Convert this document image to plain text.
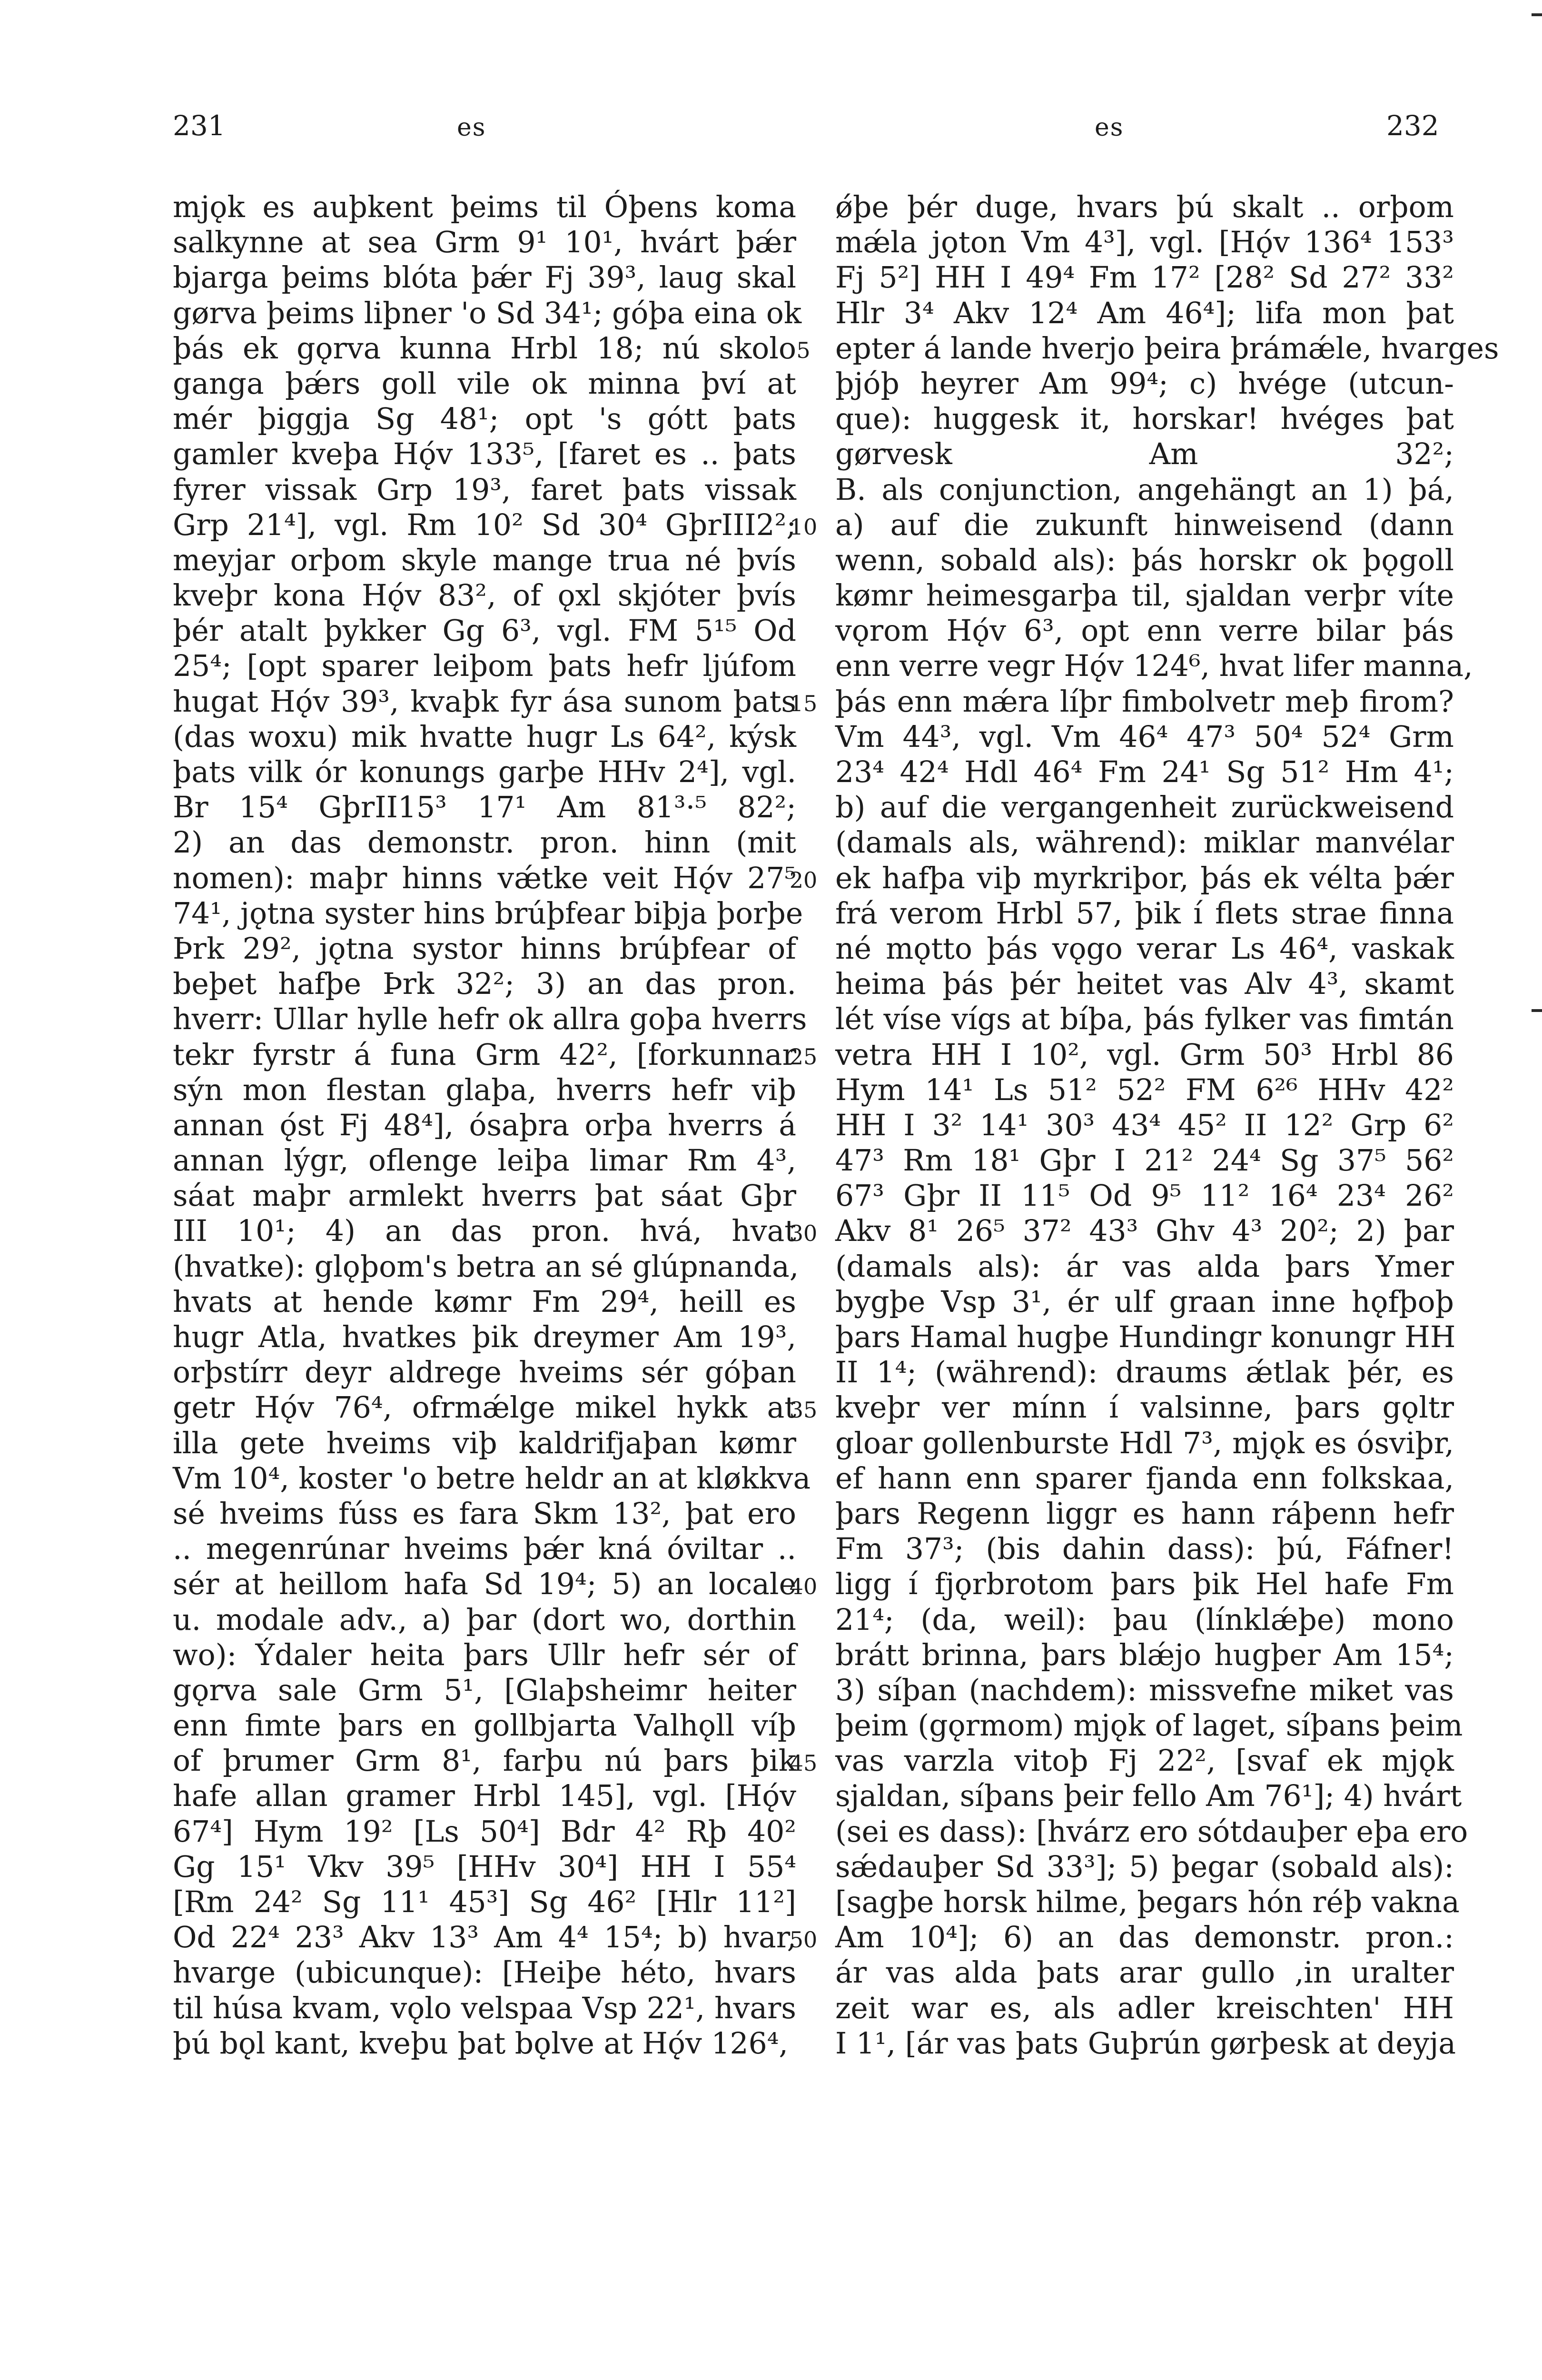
231	es	es	232
mjǫk es auþkent þeims til Óþens koma
salkynne at sea Grm 9¹ 10¹, hvárt þǽr
bjarga þeims blóta þǽr Fj 39³, laug skal
gørva þeims liþner 'o Sd 34¹; góþa eina ok
þás ek gǫrva kunna Hrbl 18; nú skolo
ganga þǽrs goll vile ok minna því at
mér þiggja Sg 48¹; opt 's gótt þats
gamler kveþa Hǫ́v 133⁵, [faret es .. þats
fyrer vissak Grp 19³, faret þats vissak
Grp 21⁴], vgl. Rm 10² Sd 30⁴ GþrIII2²;
meyjar orþom skyle mange trua né þvís
kveþr kona Hǫ́v 83², of ǫxl skjóter þvís
þér atalt þykker Gg 6³, vgl. FM 5¹⁵ Od
25⁴; [opt sparer leiþom þats hefr ljúfom
hugat Hǫ́v 39³, kvaþk fyr ása sunom þats
(das woxu) mik hvatte hugr Ls 64², kýsk
þats vilk ór konungs garþe HHv 2⁴], vgl.
Br 15⁴ GþrII15³ 17¹ Am 81³·⁵ 82²;
2) an das demonstr. pron. hinn (mit
nomen): maþr hinns vǽtke veit Hǫ́v 27⁵
74¹, jǫtna syster hins brúþfear biþja þorþe
Þrk 29², jǫtna systor hinns brúþfear of
beþet hafþe Þrk 32²; 3) an das pron.
hverr: Ullar hylle hefr ok allra goþa hverrs
tekr fyrstr á funa Grm 42², [forkunnar
sýn mon flestan glaþa, hverrs hefr viþ
annan ǫ́st Fj 48⁴], ósaþra orþa hverrs á
annan lýgr, oflenge leiþa limar Rm 4³,
sáat maþr armlekt hverrs þat sáat Gþr
III 10¹; 4) an das pron. hvá, hvat
(hvatke): glǫþom's betra an sé glúpnanda,
hvats at hende kømr Fm 29⁴, heill es
hugr Atla, hvatkes þik dreymer Am 19³,
orþstírr deyr aldrege hveims sér góþan
getr Hǫ́v 76⁴, ofrmǽlge mikel hykk at
illa gete hveims viþ kaldrifjaþan kømr
Vm 10⁴, koster 'o betre heldr an at kløkkva
sé hveims fúss es fara Skm 13², þat ero
.. megenrúnar hveims þǽr kná óviltar ..
sér at heillom hafa Sd 19⁴; 5) an locale
u. modale adv., a) þar (dort wo, dorthin
wo): Ýdaler heita þars Ullr hefr sér of
gǫrva sale Grm 5¹, [Glaþsheimr heiter
enn fimte þars en gollbjarta Valhǫll víþ
of þrumer Grm 8¹, farþu nú þars þik
hafe allan gramer Hrbl 145], vgl. [Hǫ́v
67⁴] Hym 19² [Ls 50⁴] Bdr 4² Rþ 40²
Gg 15¹ Vkv 39⁵ [HHv 30⁴] HH I 55⁴
[Rm 24² Sg 11¹ 45³] Sg 46² [Hlr 11²]
Od 22⁴ 23³ Akv 13³ Am 4⁴ 15⁴; b) hvar,
hvarge (ubicunque): [Heiþe héto, hvars
til húsa kvam, vǫlo velspaa Vsp 22¹, hvars
þú bǫl kant, kveþu þat bǫlve at Hǫ́v 126⁴,
5
10
15
20
25
30
35
40
45
50
ǿþe þér duge, hvars þú skalt .. orþom
mǽla jǫton Vm 4³], vgl. [Hǫ́v 136⁴ 153³
Fj 5²] HH I 49⁴ Fm 17² [28² Sd 27² 33²
Hlr 3⁴ Akv 12⁴ Am 46⁴]; lifa mon þat
epter á lande hverjo þeira þrámǽle, hvarges
þjóþ heyrer Am 99⁴; c) hvége (utcun-
que): huggesk it, horskar! hvéges þat
gørvesk Am 32²;
B. als conjunction, angehängt an 1) þá,
a) auf die zukunft hinweisend (dann
wenn, sobald als): þás horskr ok þǫgoll
kømr heimesgarþa til, sjaldan verþr víte
vǫrom Hǫ́v 6³, opt enn verre bilar þás
enn verre vegr Hǫ́v 124⁶, hvat lifer manna,
þás enn mǽra líþr fimbolvetr meþ firom?
Vm 44³, vgl. Vm 46⁴ 47³ 50⁴ 52⁴ Grm
23⁴ 42⁴ Hdl 46⁴ Fm 24¹ Sg 51² Hm 4¹;
b) auf die vergangenheit zurückweisend
(damals als, während): miklar manvélar
ek hafþa viþ myrkriþor, þás ek vélta þǽr
frá verom Hrbl 57, þik í flets strae finna
né mǫtto þás vǫgo verar Ls 46⁴, vaskak
heima þás þér heitet vas Alv 4³, skamt
lét víse vígs at bíþa, þás fylker vas fimtán
vetra HH I 10², vgl. Grm 50³ Hrbl 86
Hym 14¹ Ls 51² 52² FM 6²⁶ HHv 42²
HH I 3² 14¹ 30³ 43⁴ 45² II 12² Grp 6²
47³ Rm 18¹ Gþr I 21² 24⁴ Sg 37⁵ 56²
67³ Gþr II 11⁵ Od 9⁵ 11² 16⁴ 23⁴ 26²
Akv 8¹ 26⁵ 37² 43³ Ghv 4³ 20²; 2) þar
(damals als): ár vas alda þars Ymer
bygþe Vsp 3¹, ér ulf graan inne hǫfþoþ
þars Hamal hugþe Hundingr konungr HH
II 1⁴; (während): draums ǽtlak þér, es
kveþr ver mínn í valsinne, þars gǫltr
gloar gollenburste Hdl 7³, mjǫk es ósviþr,
ef hann enn sparer fjanda enn folkskaa,
þars Regenn liggr es hann ráþenn hefr
Fm 37³; (bis dahin dass): þú, Fáfner!
ligg í fjǫrbrotom þars þik Hel hafe Fm
21⁴; (da, weil): þau (línklǽþe) mono
brátt brinna, þars blǽjo hugþer Am 15⁴;
3) síþan (nachdem): missvefne miket vas
þeim (gǫrmom) mjǫk of laget, síþans þeim
vas varzla vitoþ Fj 22², [svaf ek mjǫk
sjaldan, síþans þeir fello Am 76¹]; 4) hvárt
(sei es dass): [hvárz ero sótdauþer eþa ero
sǽdauþer Sd 33³]; 5) þegar (sobald als):
[sagþe horsk hilme, þegars hón réþ vakna
Am 10⁴]; 6) an das demonstr. pron.:
ár vas alda þats arar gullo ‚in uralter
zeit war es, als adler kreischten' HH
I 1¹, [ár vas þats Guþrún gørþesk at deyja
